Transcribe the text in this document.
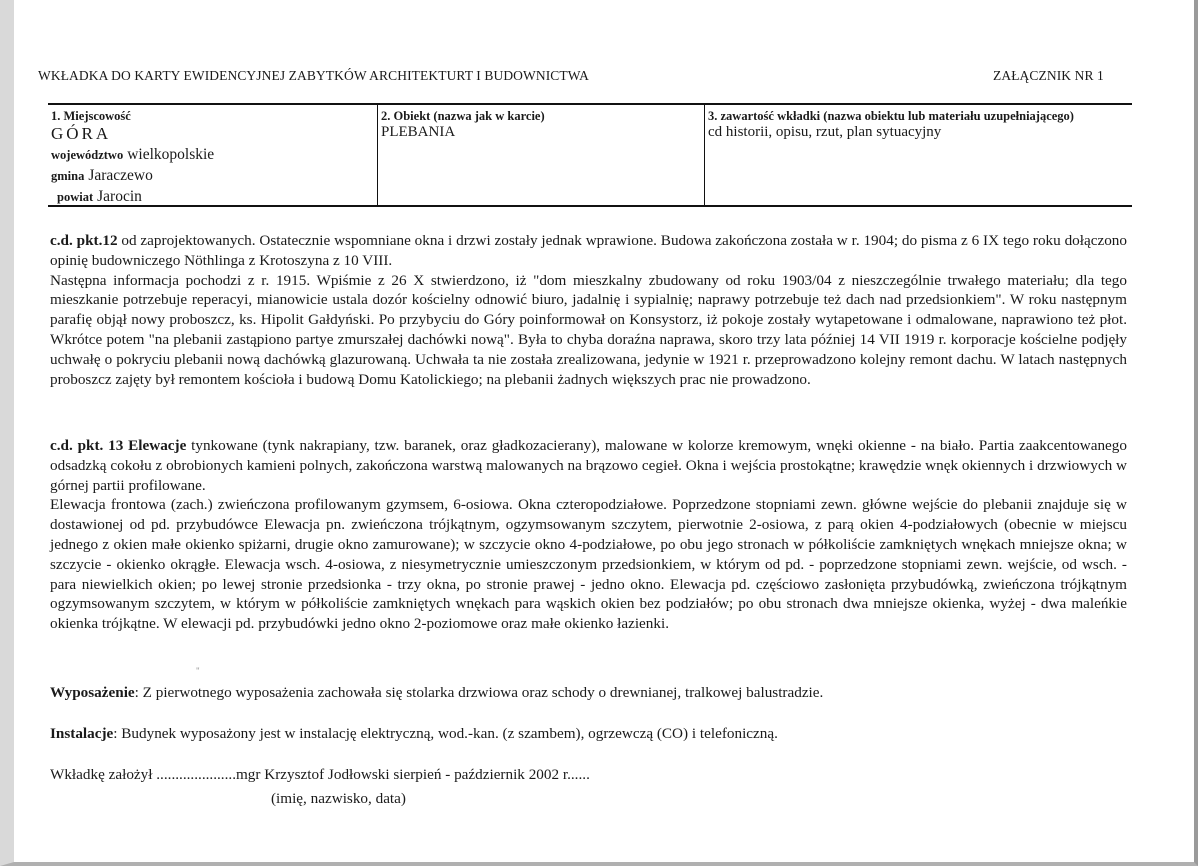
WKŁADKA DO KARTY EWIDENCYJNEJ ZABYTKÓW ARCHITEKTURT I BUDOWNICTWA	ZAŁĄCZNIK NR 1
1. Miejscowość
GÓRA
województwo wielkopolskie
gmina Jaraczewo
powiat Jarocin
2. Obiekt (nazwa jak w karcie)
PLEBANIA
3. zawartość wkładki (nazwa obiektu lub materiału uzupełniającego)
cd historii, opisu, rzut, plan sytuacyjny

c.d. pkt.12 od zaprojektowanych. Ostatecznie wspomniane okna i drzwi zostały jednak wprawione. Budowa zakończona została w r. 1904; do pisma z 6 IX tego roku dołączono opinię budowniczego Nöthlinga z Krotoszyna z 10 VIII.

Następna informacja pochodzi z r. 1915. Wpiśmie z 26 X stwierdzono, iż "dom mieszkalny zbudowany od roku 1903/04 z nieszczególnie trwałego materiału; dla tego mieszkanie potrzebuje reperacyi, mianowicie ustala dozór kościelny odnowić biuro, jadalnię i sypialnię; naprawy potrzebuje też dach nad przedsionkiem". W roku następnym parafię objął nowy proboszcz, ks. Hipolit Gałdyński. Po przybyciu do Góry poinformował on Konsystorz, iż pokoje zostały wytapetowane i odmalowane, naprawiono też płot. Wkrótce potem "na plebanii zastąpiono partye zmurszałej dachówki nową". Była to chyba doraźna naprawa, skoro trzy lata później 14 VII 1919 r. korporacje kościelne podjęły uchwałę o pokryciu plebanii nową dachówką glazurowaną. Uchwała ta nie została zrealizowana, jedynie w 1921 r. przeprowadzono kolejny remont dachu. W latach następnych proboszcz zajęty był remontem kościoła i budową Domu Katolickiego; na plebanii żadnych większych prac nie prowadzono.

c.d. pkt. 13 Elewacje tynkowane (tynk nakrapiany, tzw. baranek, oraz gładkozacierany), malowane w kolorze kremowym, wnęki okienne - na biało. Partia zaakcentowanego odsadzką cokołu z obrobionych kamieni polnych, zakończona warstwą malowanych na brązowo cegieł. Okna i wejścia prostokątne; krawędzie wnęk okiennych i drzwiowych w górnej partii profilowane.

Elewacja frontowa (zach.) zwieńczona profilowanym gzymsem, 6-osiowa. Okna czteropodziałowe. Poprzedzone stopniami zewn. główne wejście do plebanii znajduje się w dostawionej od pd. przybudówce Elewacja pn. zwieńczona trójkątnym, ogzymsowanym szczytem, pierwotnie 2-osiowa, z parą okien 4-podziałowych (obecnie w miejscu jednego z okien małe okienko spiżarni, drugie okno zamurowane); w szczycie okno 4-podziałowe, po obu jego stronach w półkoliście zamkniętych wnękach mniejsze okna; w szczycie - okienko okrągłe. Elewacja wsch. 4-osiowa, z niesymetrycznie umieszczonym przedsionkiem, w którym od pd. - poprzedzone stopniami zewn. wejście, od wsch. - para niewielkich okien; po lewej stronie przedsionka - trzy okna, po stronie prawej - jedno okno. Elewacja pd. częściowo zasłonięta przybudówką, zwieńczona trójkątnym ogzymsowanym szczytem, w którym w półkoliście zamkniętych wnękach para wąskich okien bez podziałów; po obu stronach dwa mniejsze okienka, wyżej - dwa maleńkie okienka trójkątne. W elewacji pd. przybudówki jedno okno 2-poziomowe oraz małe okienko łazienki.

"

Wyposażenie: Z pierwotnego wyposażenia zachowała się stolarka drzwiowa oraz schody o drewnianej, tralkowej balustradzie.

Instalacje: Budynek wyposażony jest w instalację elektryczną, wod.-kan. (z szambem), ogrzewczą (CO) i telefoniczną.

Wkładkę założył .....................mgr Krzysztof Jodłowski sierpień - październik 2002 r......
(imię, nazwisko, data)
